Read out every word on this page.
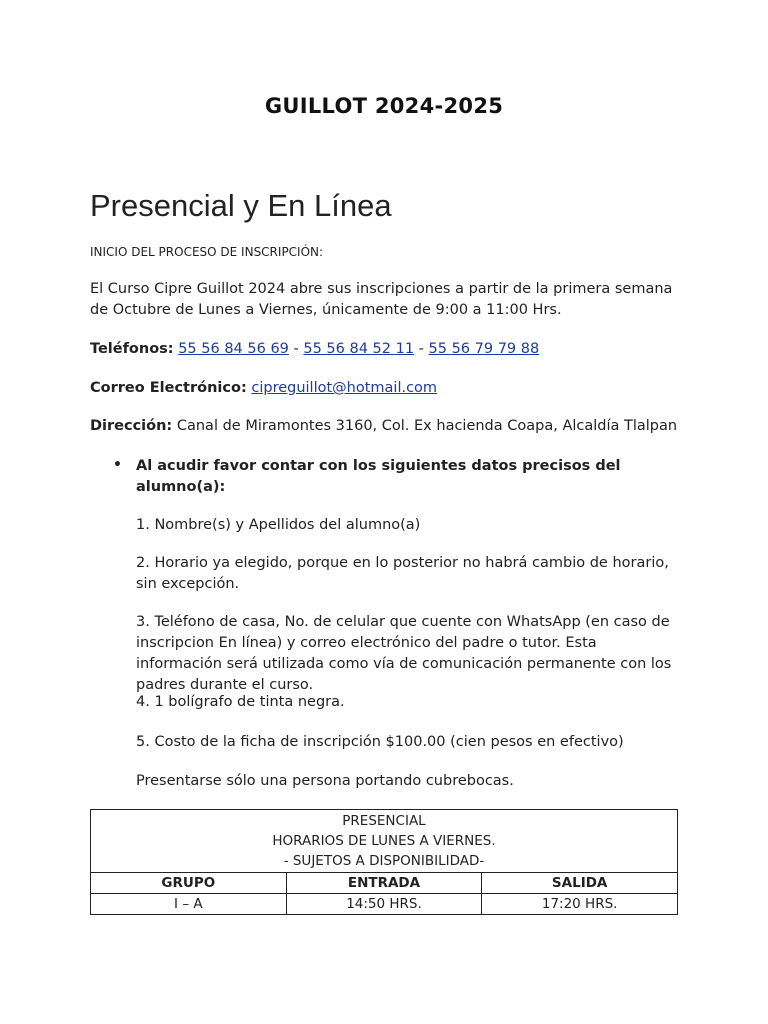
GUILLOT 2024-2025
Presencial y En Línea
INICIO DEL PROCESO DE INSCRIPCIÓN:
El Curso Cipre Guillot 2024 abre sus inscripciones a partir de la primera semana de Octubre de Lunes a Viernes, únicamente de 9:00 a 11:00 Hrs.
Teléfonos: 55 56 84 56 69 - 55 56 84 52 11 - 55 56 79 79 88
Correo Electrónico: cipreguillot@hotmail.com
Dirección: Canal de Miramontes 3160, Col. Ex hacienda Coapa, Alcaldía Tlalpan
• Al acudir favor contar con los siguientes datos precisos del alumno(a):
1. Nombre(s) y Apellidos del alumno(a)
2. Horario ya elegido, porque en lo posterior no habrá cambio de horario, sin excepción.
3. Teléfono de casa, No. de celular que cuente con WhatsApp (en caso de inscripcion En línea) y correo electrónico del padre o tutor. Esta información será utilizada como vía de comunicación permanente con los padres durante el curso.
4. 1 bolígrafo de tinta negra.
5. Costo de la ficha de inscripción $100.00 (cien pesos en efectivo)
Presentarse sólo una persona portando cubrebocas.
PRESENCIAL
HORARIOS DE LUNES A VIERNES.
- SUJETOS A DISPONIBILIDAD-		

GRUPO	ENTRADA	SALIDA
I – A	14:50 HRS.	17:20 HRS.
